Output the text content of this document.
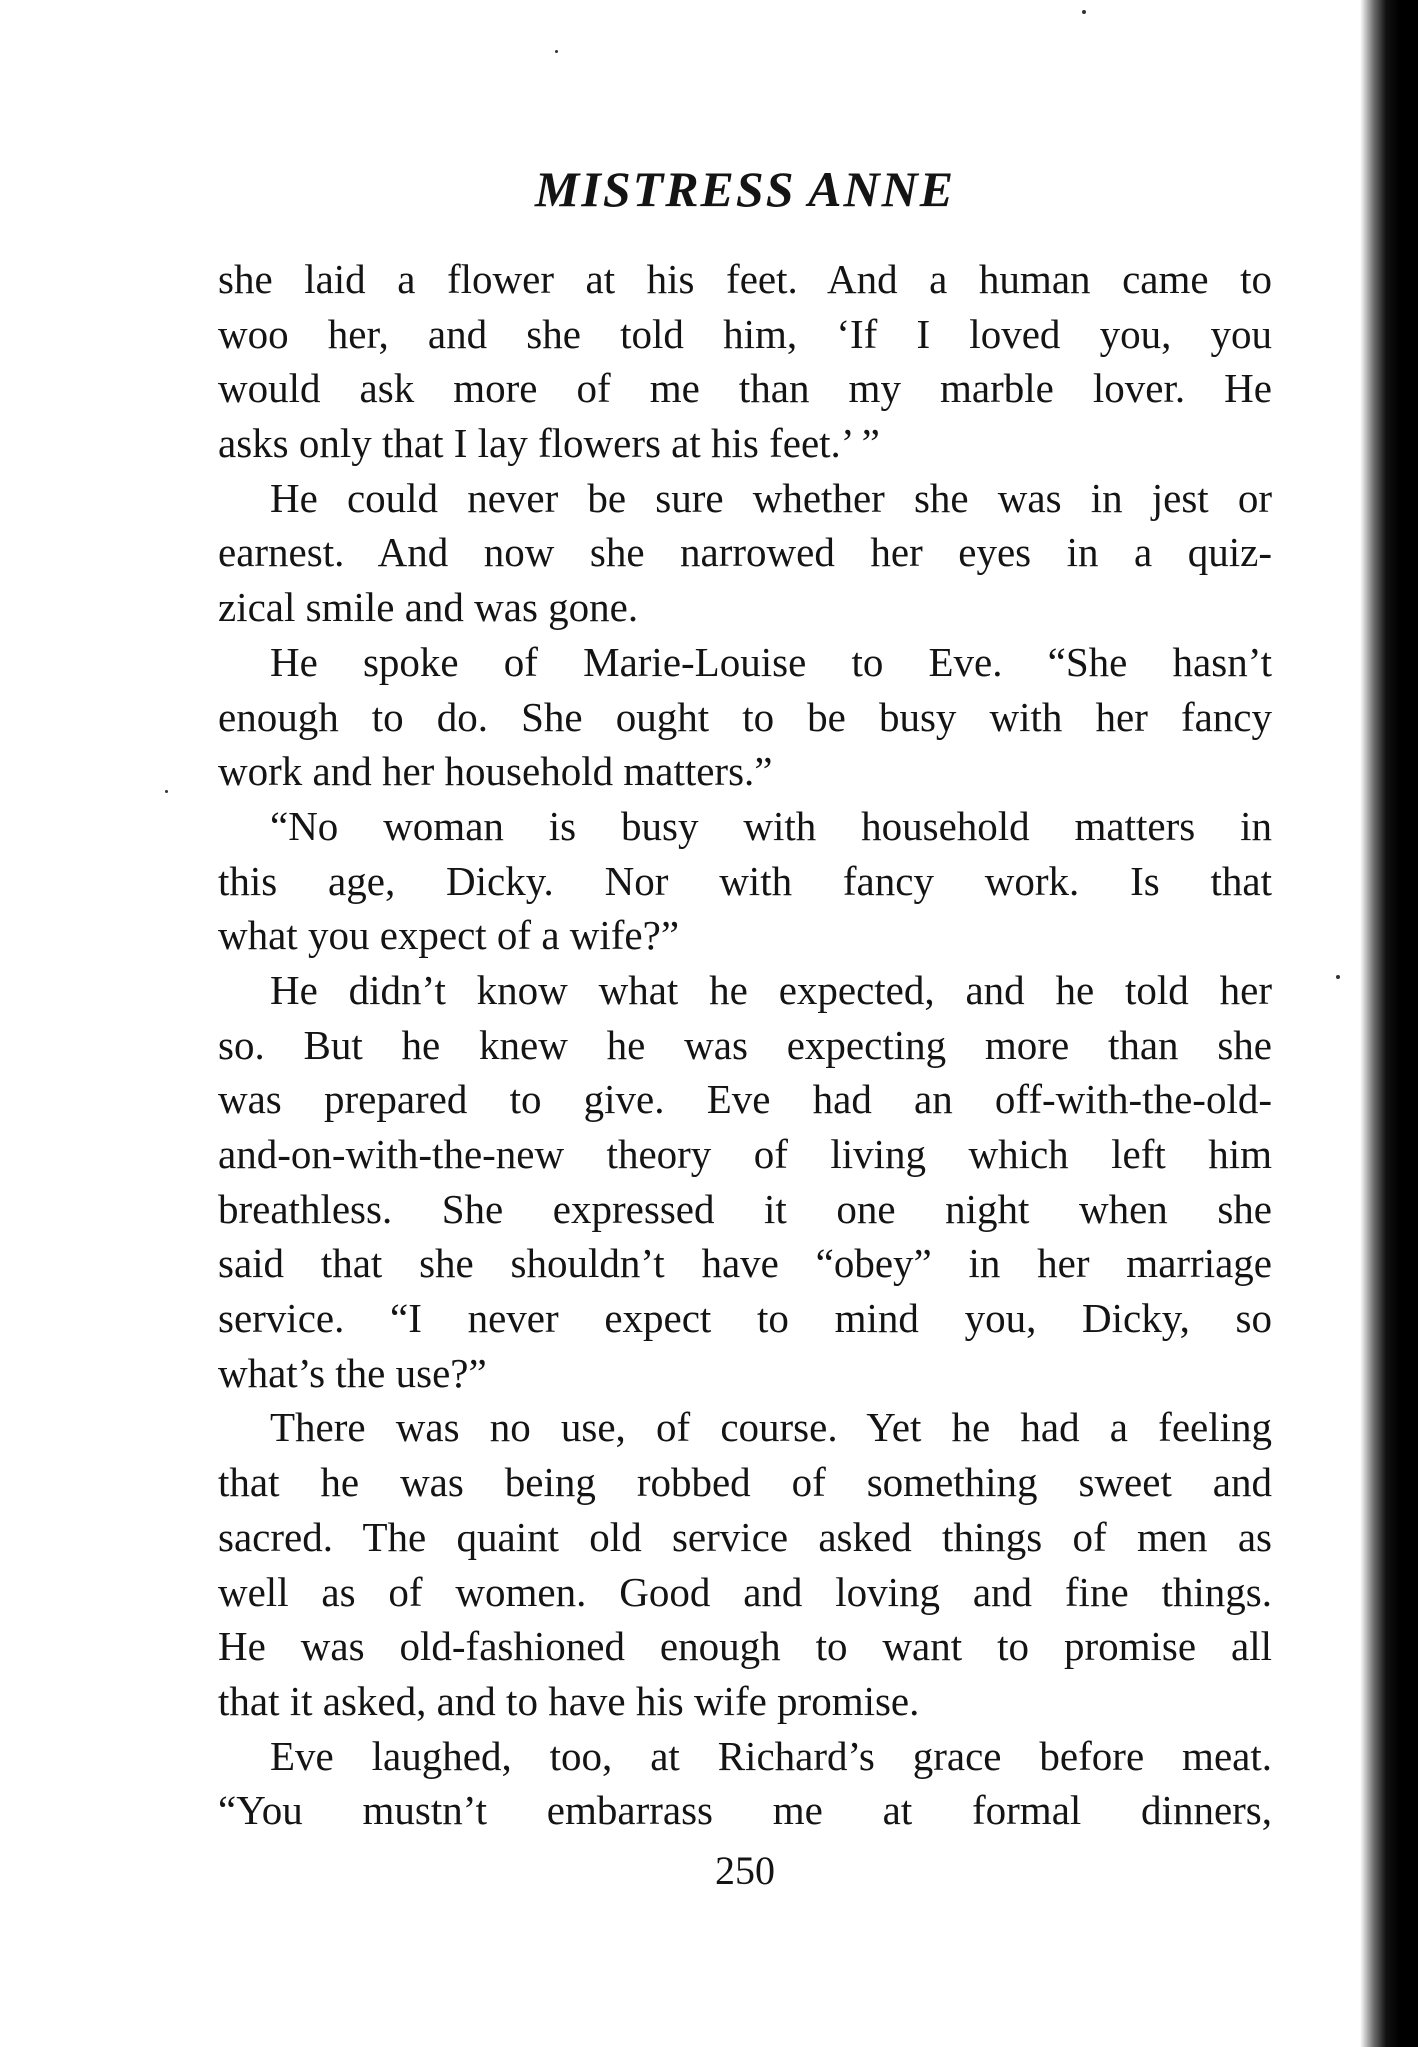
MISTRESS ANNE
she laid a flower at his feet. And a human came to
woo her, and she told him, ‘If I loved you, you
would ask more of me than my marble lover. He
asks only that I lay flowers at his feet.’ ”
He could never be sure whether she was in jest or
earnest. And now she narrowed her eyes in a quiz-
zical smile and was gone.
He spoke of Marie-Louise to Eve. “She hasn’t
enough to do. She ought to be busy with her fancy
work and her household matters.”
“No woman is busy with household matters in
this age, Dicky. Nor with fancy work. Is that
what you expect of a wife?”
He didn’t know what he expected, and he told her
so. But he knew he was expecting more than she
was prepared to give. Eve had an off-with-the-old-
and-on-with-the-new theory of living which left him
breathless. She expressed it one night when she
said that she shouldn’t have “obey” in her marriage
service. “I never expect to mind you, Dicky, so
what’s the use?”
There was no use, of course. Yet he had a feeling
that he was being robbed of something sweet and
sacred. The quaint old service asked things of men as
well as of women. Good and loving and fine things.
He was old-fashioned enough to want to promise all
that it asked, and to have his wife promise.
Eve laughed, too, at Richard’s grace before meat.
“You mustn’t embarrass me at formal dinners,

250
